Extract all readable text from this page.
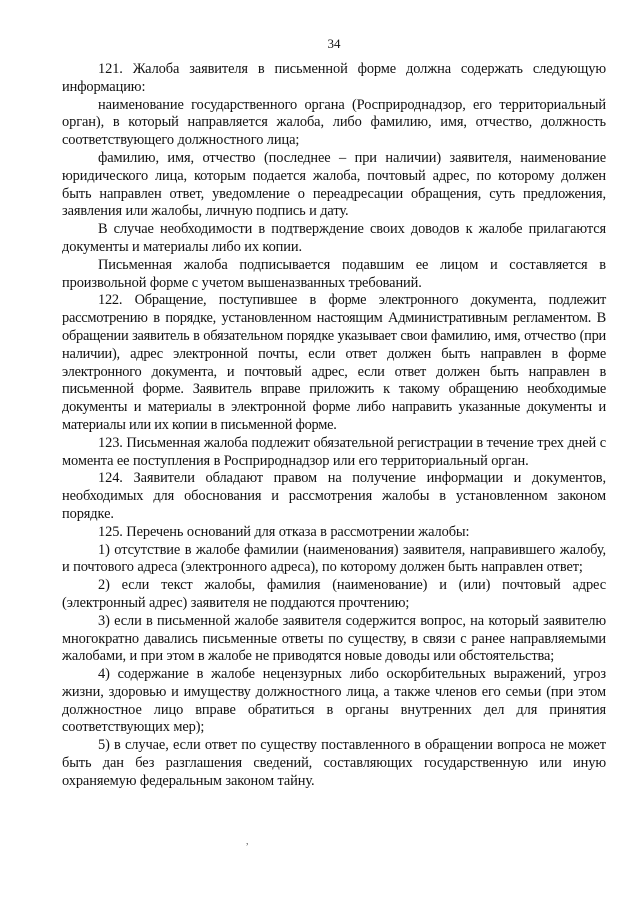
34

121. Жалоба заявителя в письменной форме должна содержать следующую информацию:

наименование государственного органа (Росприроднадзор, его территориальный орган), в который направляется жалоба, либо фамилию, имя, отчество, должность соответствующего должностного лица;

фамилию, имя, отчество (последнее – при наличии) заявителя, наименование юридического лица, которым подается жалоба, почтовый адрес, по которому должен быть направлен ответ, уведомление о переадресации обращения, суть предложения, заявления или жалобы, личную подпись и дату.

В случае необходимости в подтверждение своих доводов к жалобе прилагаются документы и материалы либо их копии.

Письменная жалоба подписывается подавшим ее лицом и составляется в произвольной форме с учетом вышеназванных требований.

122. Обращение, поступившее в форме электронного документа, подлежит рассмотрению в порядке, установленном настоящим Административным регламентом. В обращении заявитель в обязательном порядке указывает свои фамилию, имя, отчество (при наличии), адрес электронной почты, если ответ должен быть направлен в форме электронного документа, и почтовый адрес, если ответ должен быть направлен в письменной форме. Заявитель вправе приложить к такому обращению необходимые документы и материалы в электронной форме либо направить указанные документы и материалы или их копии в письменной форме.

123. Письменная жалоба подлежит обязательной регистрации в течение трех дней с момента ее поступления в Росприроднадзор или его территориальный орган.

124. Заявители обладают правом на получение информации и документов, необходимых для обоснования и рассмотрения жалобы в установленном законом порядке.

125. Перечень оснований для отказа в рассмотрении жалобы:

1) отсутствие в жалобе фамилии (наименования) заявителя, направившего жалобу, и почтового адреса (электронного адреса), по которому должен быть направлен ответ;

2) если текст жалобы, фамилия (наименование) и (или) почтовый адрес (электронный адрес) заявителя не поддаются прочтению;

3) если в письменной жалобе заявителя содержится вопрос, на который заявителю многократно давались письменные ответы по существу, в связи с ранее направляемыми жалобами, и при этом в жалобе не приводятся новые доводы или обстоятельства;

4) содержание в жалобе нецензурных либо оскорбительных выражений, угроз жизни, здоровью и имуществу должностного лица, а также членов его семьи (при этом должностное лицо вправе обратиться в органы внутренних дел для принятия соответствующих мер);

5) в случае, если ответ по существу поставленного в обращении вопроса не может быть дан без разглашения сведений, составляющих государственную или иную охраняемую федеральным законом тайну.

,
